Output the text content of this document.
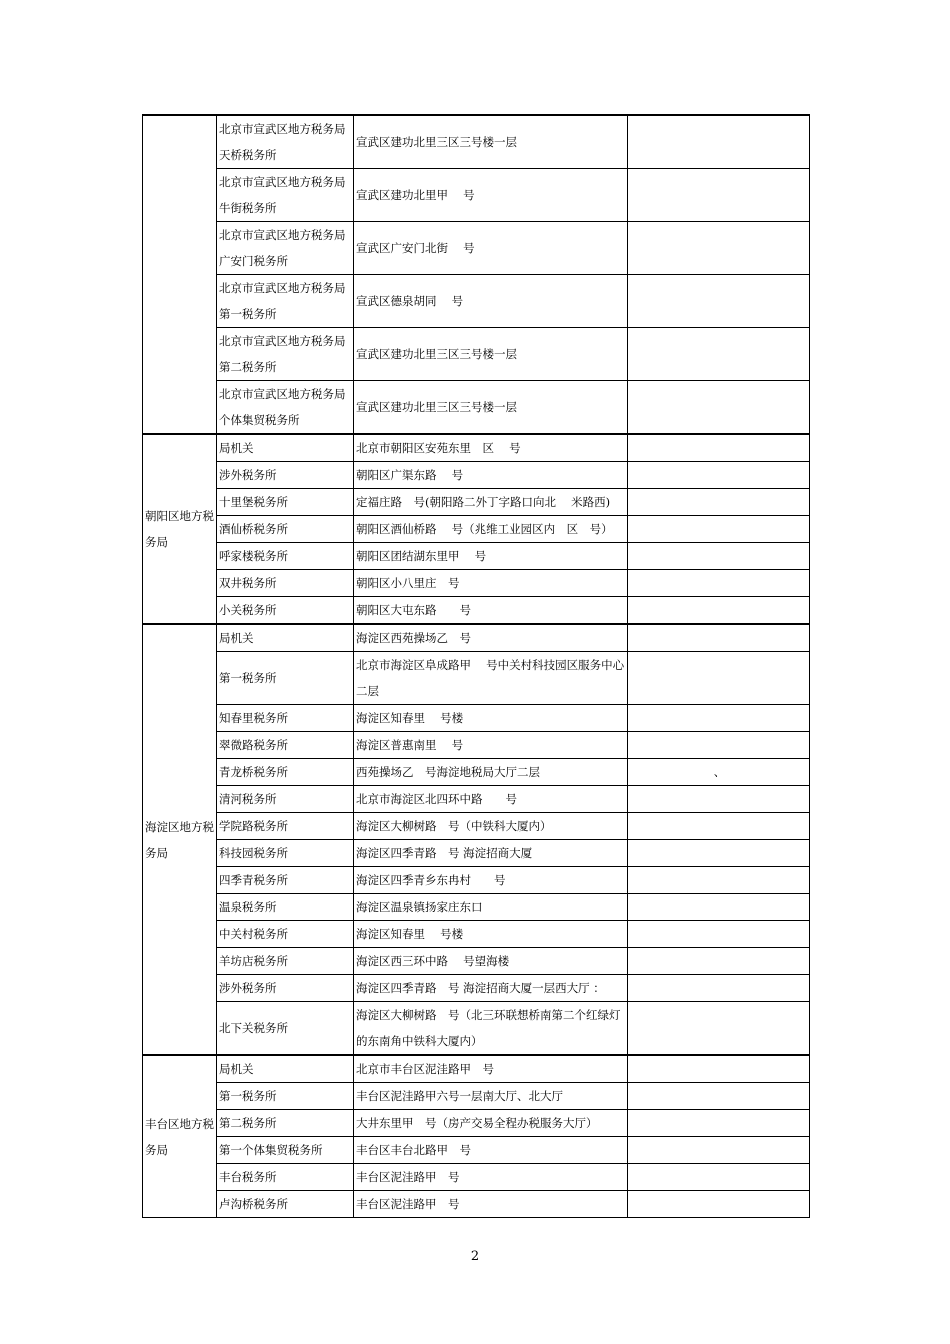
	北京市宣武区地方税务局天桥税务所	宣武区建功北里三区三号楼一层	
	北京市宣武区地方税务局牛街税务所	宣武区建功北里甲　 号	
	北京市宣武区地方税务局广安门税务所	宣武区广安门北街　 号	
	北京市宣武区地方税务局第一税务所	宣武区德泉胡同　 号	
	北京市宣武区地方税务局第二税务所	宣武区建功北里三区三号楼一层	
	北京市宣武区地方税务局个体集贸税务所	宣武区建功北里三区三号楼一层	
朝阳区地方税务局	局机关	北京市朝阳区安苑东里　区　 号	
	涉外税务所	朝阳区广渠东路　 号	
	十里堡税务所	定福庄路　号(朝阳路二外丁字路口向北　 米路西)	
	酒仙桥税务所	朝阳区酒仙桥路　 号（兆维工业园区内　区　号）	
	呼家楼税务所	朝阳区团结湖东里甲　 号	
	双井税务所	朝阳区小八里庄　号	
	小关税务所	朝阳区大屯东路　　号	
海淀区地方税务局	局机关	海淀区西苑操场乙　号	
	第一税务所	北京市海淀区阜成路甲　 号中关村科技园区服务中心二层	
	知春里税务所	海淀区知春里　 号楼	
	翠微路税务所	海淀区普惠南里　 号	
	青龙桥税务所	西苑操场乙　号海淀地税局大厅二层	、
	清河税务所	北京市海淀区北四环中路　　号	
	学院路税务所	海淀区大柳树路　号（中铁科大厦内）	
	科技园税务所	海淀区四季青路　号 海淀招商大厦	
	四季青税务所	海淀区四季青乡东冉村　　号	
	温泉税务所	海淀区温泉镇扬家庄东口	
	中关村税务所	海淀区知春里　 号楼	
	羊坊店税务所	海淀区西三环中路　 号望海楼	
	涉外税务所	海淀区四季青路　号 海淀招商大厦一层西大厅 ：	
	北下关税务所	海淀区大柳树路　号（北三环联想桥南第二个红绿灯的东南角中铁科大厦内）	
丰台区地方税务局	局机关	北京市丰台区泥洼路甲　号	
	第一税务所	丰台区泥洼路甲六号一层南大厅、北大厅	
	第二税务所	大井东里甲　号（房产交易全程办税服务大厅）	
	第一个体集贸税务所	丰台区丰台北路甲　号	
	丰台税务所	丰台区泥洼路甲　号	
	卢沟桥税务所	丰台区泥洼路甲　号	
2
